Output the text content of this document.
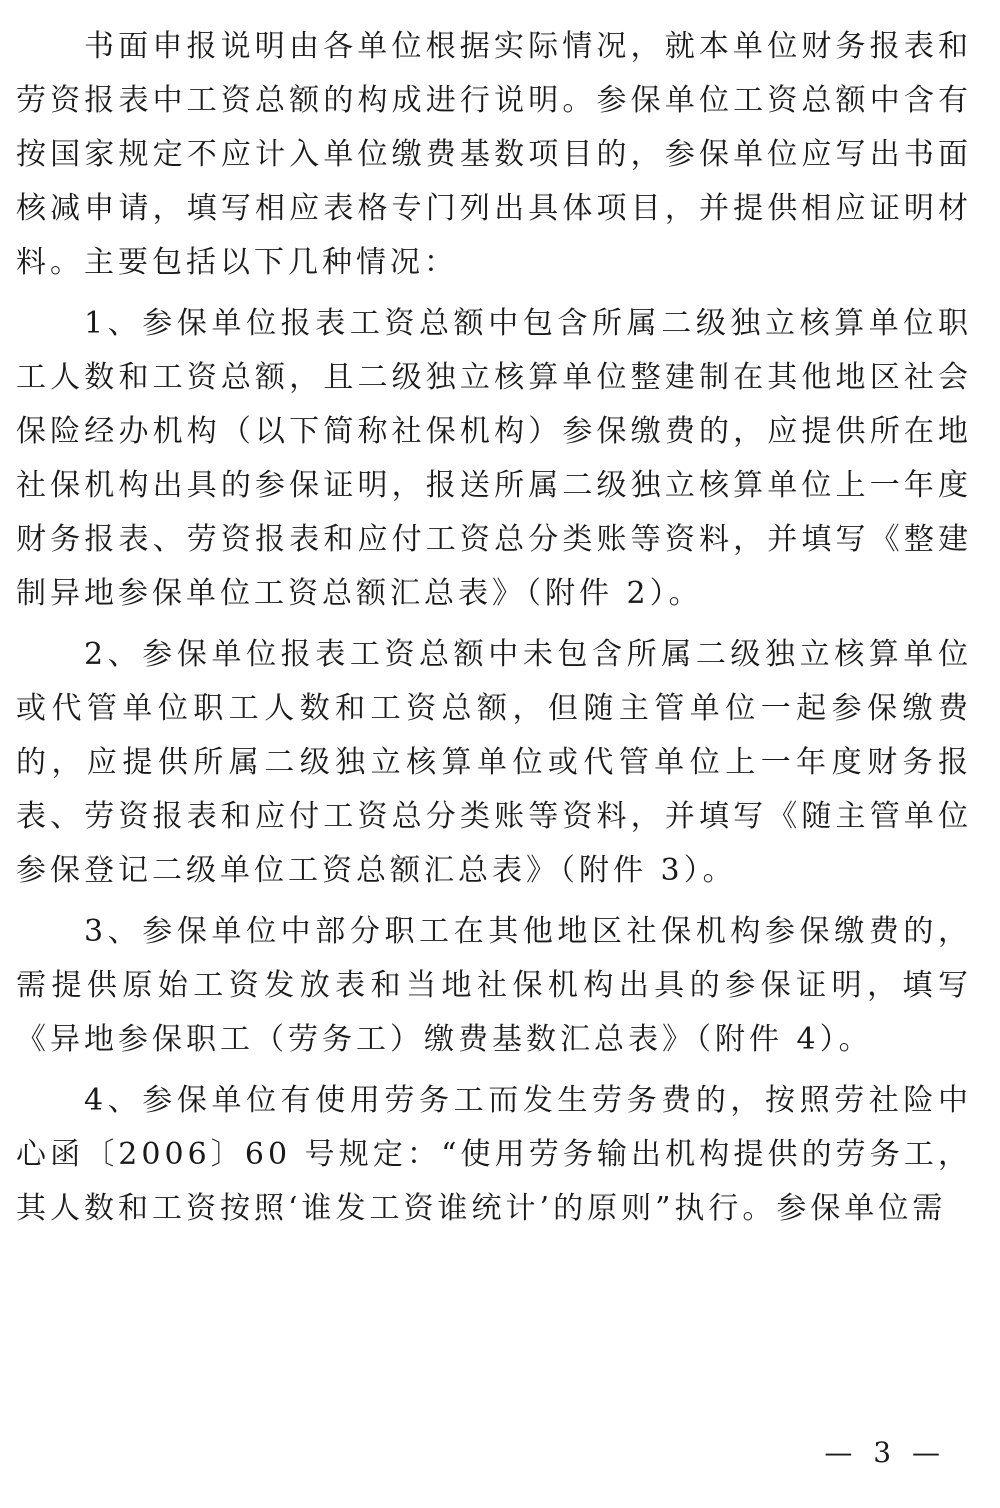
书面申报说明由各单位根据实际情况，就本单位财务报表和劳资报表中工资总额的构成进行说明。参保单位工资总额中含有按国家规定不应计入单位缴费基数项目的，参保单位应写出书面核减申请，填写相应表格专门列出具体项目，并提供相应证明材料。主要包括以下几种情况：

1、参保单位报表工资总额中包含所属二级独立核算单位职工人数和工资总额，且二级独立核算单位整建制在其他地区社会保险经办机构（以下简称社保机构）参保缴费的，应提供所在地社保机构出具的参保证明，报送所属二级独立核算单位上一年度财务报表、劳资报表和应付工资总分类账等资料，并填写《整建制异地参保单位工资总额汇总表》（附件 2）。

2、参保单位报表工资总额中未包含所属二级独立核算单位或代管单位职工人数和工资总额，但随主管单位一起参保缴费的，应提供所属二级独立核算单位或代管单位上一年度财务报表、劳资报表和应付工资总分类账等资料，并填写《随主管单位参保登记二级单位工资总额汇总表》（附件 3）。

3、参保单位中部分职工在其他地区社保机构参保缴费的，需提供原始工资发放表和当地社保机构出具的参保证明，填写《异地参保职工（劳务工）缴费基数汇总表》（附件 4）。

4、参保单位有使用劳务工而发生劳务费的，按照劳社险中心函〔2006〕60 号规定：“使用劳务输出机构提供的劳务工，其人数和工资按照‘谁发工资谁统计’的原则”执行。参保单位需

— 3 —
